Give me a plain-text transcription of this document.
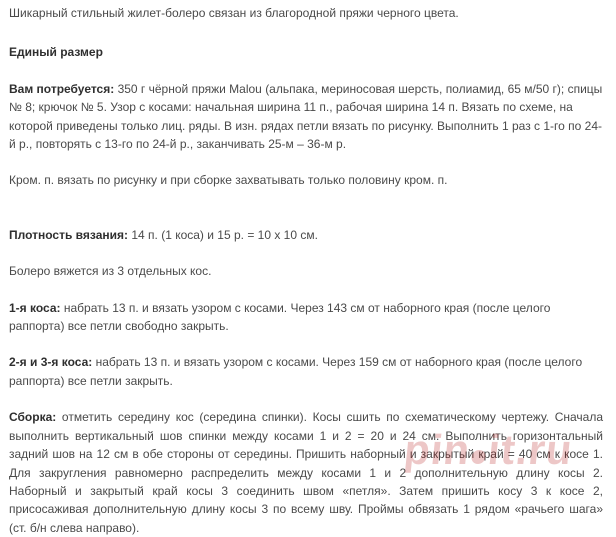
Шикарный стильный жилет-болеро связан из благородной пряжи черного цвета.

Единый размер

Вам потребуется: 350 г чёрной пряжи Malou (альпака, мериносовая шерсть, полиамид, 65 м/50 г); спицы № 8; крючок № 5. Узор с косами: начальная ширина 11 п., рабочая ширина 14 п. Вязать по схеме, на которой приведены только лиц. ряды. В изн. рядах петли вязать по рисунку. Выполнить 1 раз с 1-го по 24-й р., повторять с 13-го по 24-й р., заканчивать 25-м – 36-м р.

Кром. п. вязать по рисунку и при сборке захватывать только половину кром. п.

Плотность вязания: 14 п. (1 коса) и 15 р. = 10 х 10 см.

Болеро вяжется из 3 отдельных кос.

1-я коса: набрать 13 п. и вязать узором с косами. Через 143 см от наборного края (после целого раппорта) все петли свободно закрыть.

2-я и 3-я коса: набрать 13 п. и вязать узором с косами. Через 159 см от наборного края (после целого раппорта) все петли закрыть.

Сборка: отметить середину кос (середина спинки). Косы сшить по схематическому чертежу. Сначала выполнить вертикальный шов спинки между косами 1 и 2 = 20 и 24 см. Выполнить горизонтальный задний шов на 12 см в обе стороны от середины. Пришить наборный и закрытый край = 40 см к косе 1. Для закругления равномерно распределить между косами 1 и 2 дополнительную длину косы 2. Наборный и закрытый край косы 3 соединить швом «петля». Затем пришить косу 3 к косе 2, присосаживая дополнительную длину косы 3 по всему шву. Проймы обвязать 1 рядом «рачьего шага» (ст. б/н слева направо).

pin it.ru
